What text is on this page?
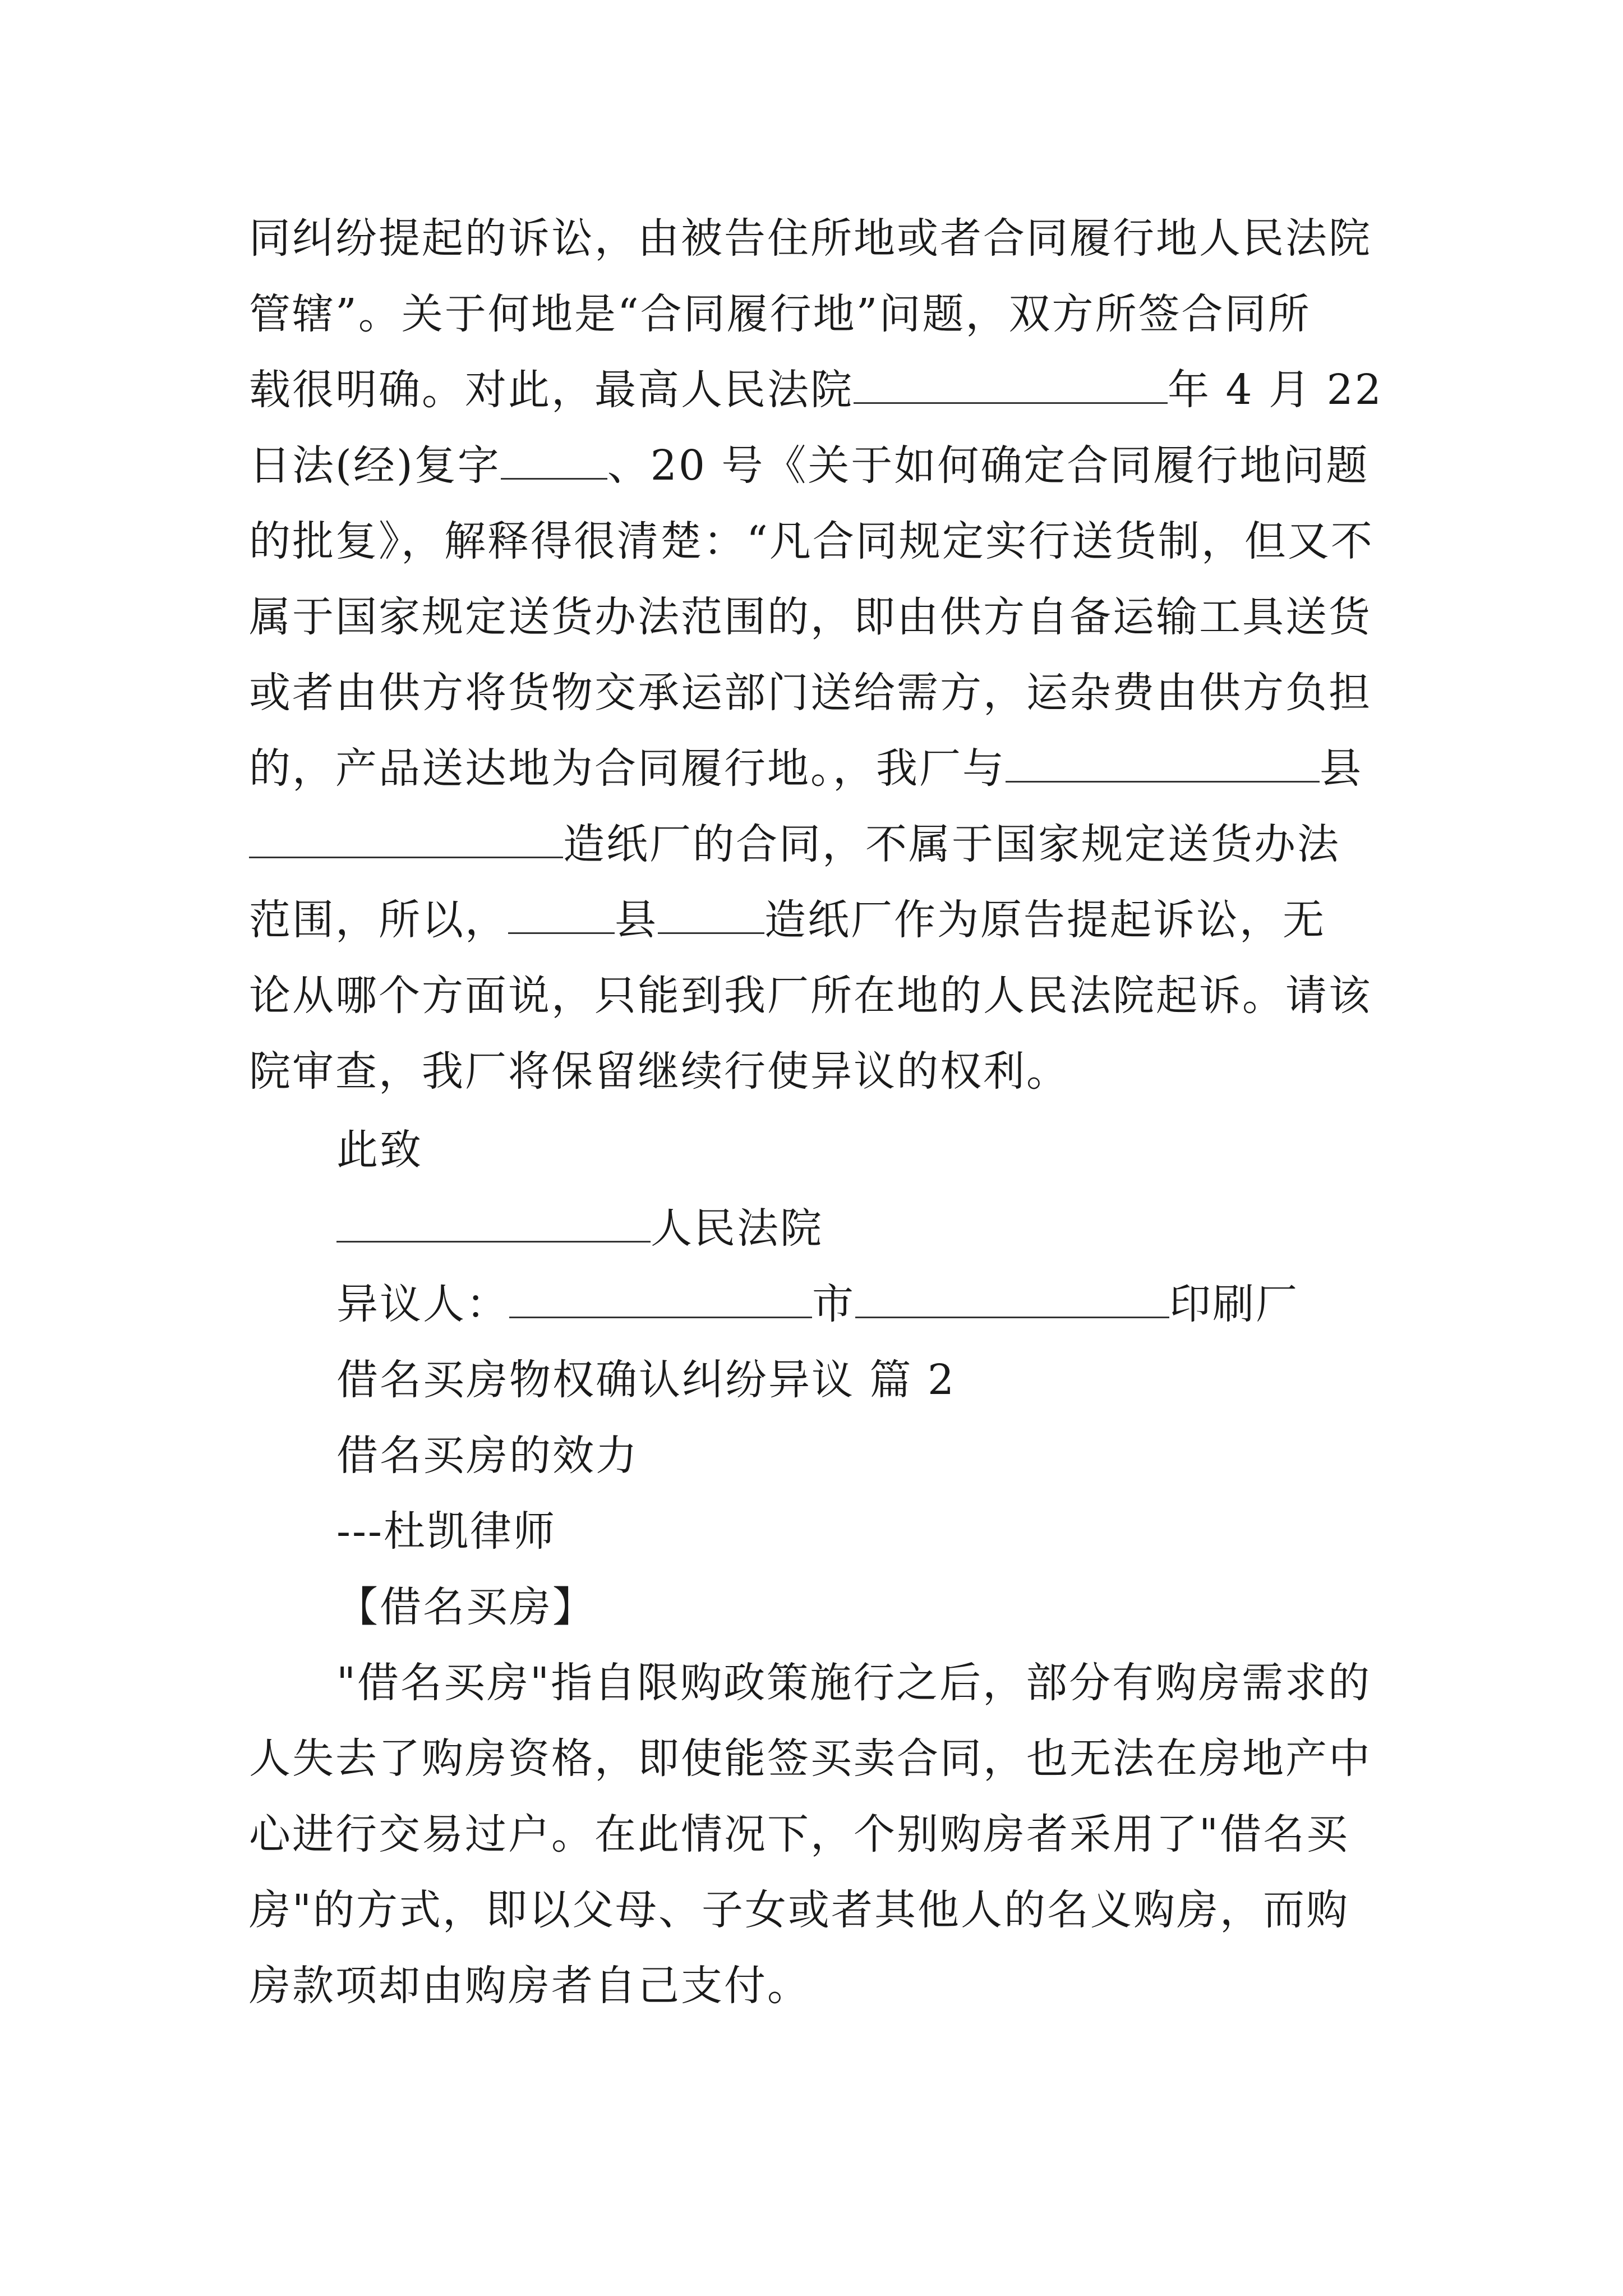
同纠纷提起的诉讼，由被告住所地或者合同履行地人民法院
管辖”。关于何地是“合同履行地”问题，双方所签合同所
载很明确。对此，最高人民法院	年 4 月 22
日法(经)复字	、20 号《关于如何确定合同履行地问题
的批复》，解释得很清楚：“凡合同规定实行送货制，但又不
属于国家规定送货办法范围的，即由供方自备运输工具送货
或者由供方将货物交承运部门送给需方，运杂费由供方负担
的，产品送达地为合同履行地。，我厂与	县
造纸厂的合同，不属于国家规定送货办法
范围，所以，	县	造纸厂作为原告提起诉讼，无
论从哪个方面说，只能到我厂所在地的人民法院起诉。请该
院审查，我厂将保留继续行使异议的权利。
此致
人民法院
异议人：	市	印刷厂
借名买房物权确认纠纷异议 篇 2
借名买房的效力
---杜凯律师
【借名买房】
"借名买房"指自限购政策施行之后，部分有购房需求的
人失去了购房资格，即使能签买卖合同，也无法在房地产中
心进行交易过户。在此情况下，个别购房者采用了"借名买
房"的方式，即以父母、子女或者其他人的名义购房，而购
房款项却由购房者自己支付。
